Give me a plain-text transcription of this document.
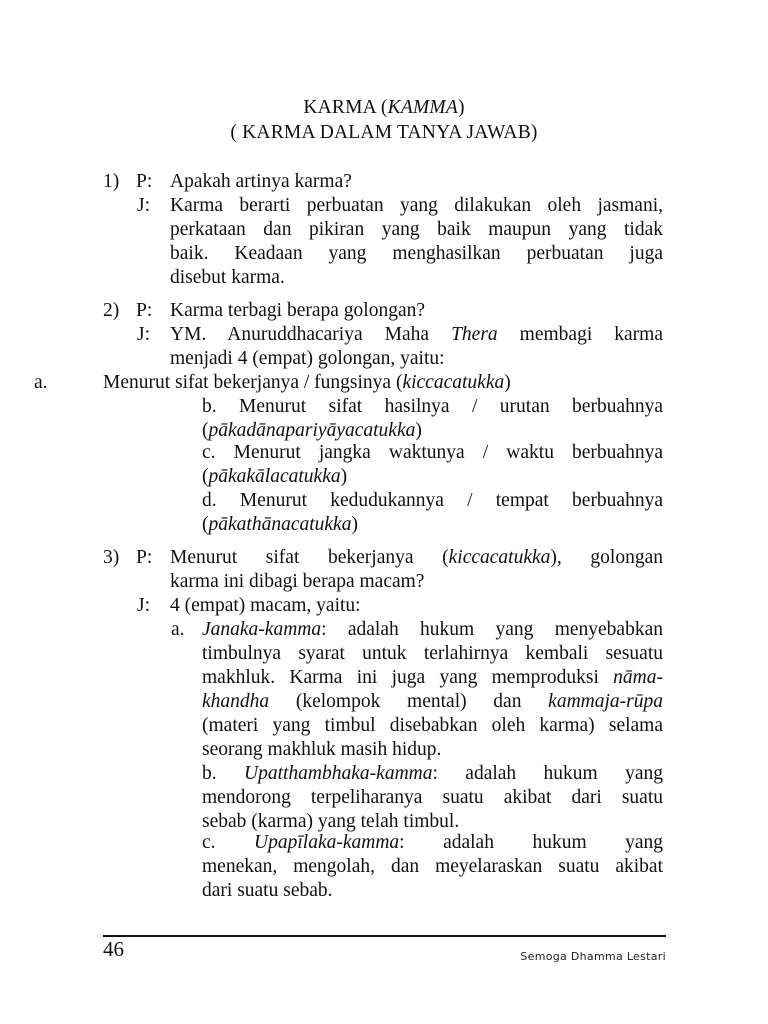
KARMA (KAMMA)
( KARMA DALAM TANYA JAWAB)
1) P: Apakah artinya karma?
J: Karma berarti perbuatan yang dilakukan oleh jasmani,
perkataan dan pikiran yang baik maupun yang tidak
baik. Keadaan yang menghasilkan perbuatan juga
disebut karma.
2) P: Karma terbagi berapa golongan?
J: YM. Anuruddhacariya Maha Thera membagi karma
menjadi 4 (empat) golongan, yaitu:
a.	Menurut sifat bekerjanya / fungsinya (kiccacatukka)
b. Menurut sifat hasilnya / urutan berbuahnya
(pākadānapariyāyacatukka)
c. Menurut jangka waktunya / waktu berbuahnya
(pākakālacatukka)
d. Menurut kedudukannya / tempat berbuahnya
(pākathānacatukka)
3) P: Menurut sifat bekerjanya (kiccacatukka), golongan
karma ini dibagi berapa macam?
J: 4 (empat) macam, yaitu:
a. Janaka-kamma: adalah hukum yang menyebabkan
timbulnya syarat untuk terlahirnya kembali sesuatu
makhluk. Karma ini juga yang memproduksi nāma-
khandha (kelompok mental) dan kammaja-rūpa
(materi yang timbul disebabkan oleh karma) selama
seorang makhluk masih hidup.
b. Upatthambhaka-kamma: adalah hukum yang
mendorong terpeliharanya suatu akibat dari suatu
sebab (karma) yang telah timbul.
c. Upapīlaka-kamma: adalah hukum yang
menekan, mengolah, dan meyelaraskan suatu akibat
dari suatu sebab.
46	Semoga Dhamma Lestari
